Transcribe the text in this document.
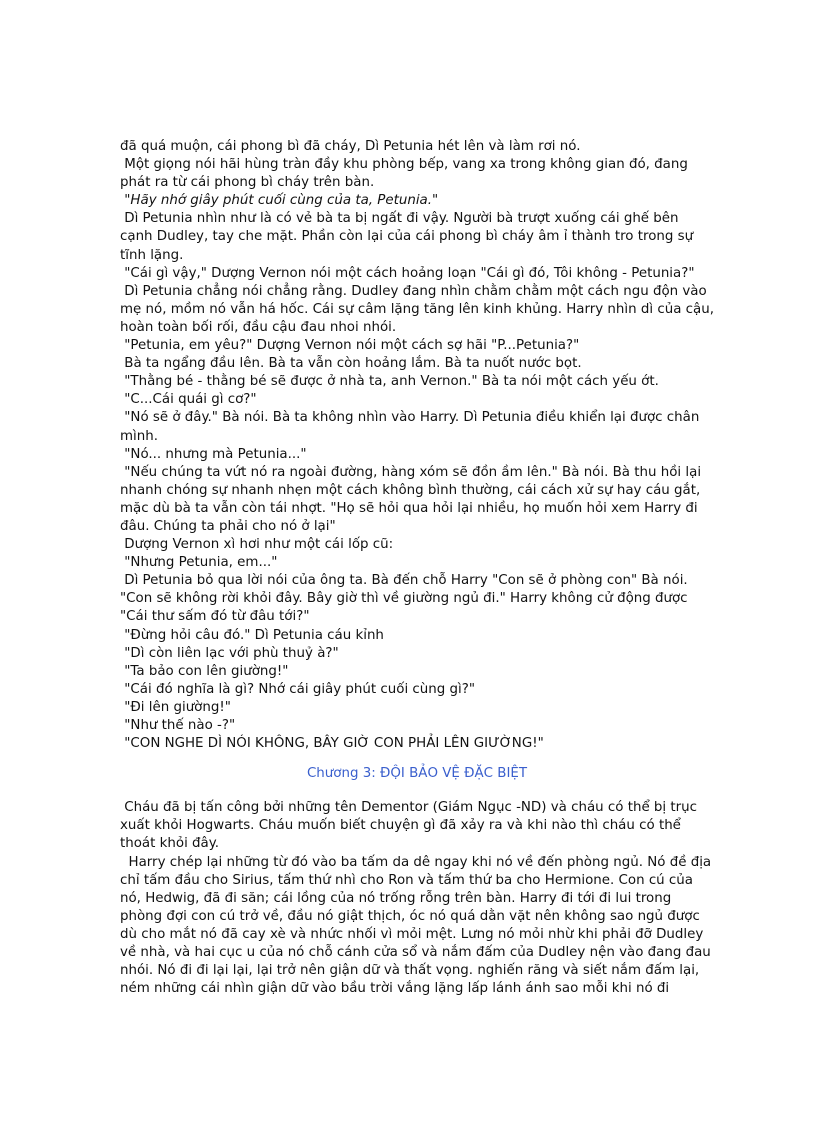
đã quá muộn, cái phong bì đã cháy, Dì Petunia hét lên và làm rơi nó.

Một giọng nói hãi hùng tràn đầy khu phòng bếp, vang xa trong không gian đó, đang phát ra từ cái phong bì cháy trên bàn.

"Hãy nhớ giây phút cuối cùng của ta, Petunia."

Dì Petunia nhìn như là có vẻ bà ta bị ngất đi vậy. Người bà trượt xuống cái ghế bên cạnh Dudley, tay che mặt. Phần còn lại của cái phong bì cháy âm ỉ thành tro trong sự tĩnh lặng.

"Cái gì vậy," Dượng Vernon nói một cách hoảng loạn "Cái gì đó, Tôi không - Petunia?"

Dì Petunia chẳng nói chẳng rằng. Dudley đang nhìn chằm chằm một cách ngu độn vào mẹ nó, mồm nó vẫn há hốc. Cái sự câm lặng tăng lên kinh khủng. Harry nhìn dì của cậu, hoàn toàn bối rối, đầu cậu đau nhoi nhói.

"Petunia, em yêu?" Dượng Vernon nói một cách sợ hãi "P...Petunia?"

Bà ta ngẩng đầu lên. Bà ta vẫn còn hoảng lắm. Bà ta nuốt nước bọt.

"Thằng bé - thằng bé sẽ được ở nhà ta, anh Vernon." Bà ta nói một cách yếu ớt.

"C...Cái quái gì cơ?"

"Nó sẽ ở đây." Bà nói. Bà ta không nhìn vào Harry. Dì Petunia điều khiển lại được chân mình.

"Nó... nhưng mà Petunia..."

"Nếu chúng ta vứt nó ra ngoài đường, hàng xóm sẽ đồn ầm lên." Bà nói. Bà thu hồi lại nhanh chóng sự nhanh nhẹn một cách không bình thường, cái cách xử sự hay cáu gắt, mặc dù bà ta vẫn còn tái nhợt. "Họ sẽ hỏi qua hỏi lại nhiều, họ muốn hỏi xem Harry đi đâu. Chúng ta phải cho nó ở lại"

Dượng Vernon xì hơi như một cái lốp cũ:

"Nhưng Petunia, em..."

Dì Petunia bỏ qua lời nói của ông ta. Bà đến chỗ Harry "Con sẽ ở phòng con" Bà nói. "Con sẽ không rời khỏi đây. Bây giờ thì về giường ngủ đi." Harry không cử động được "Cái thư sấm đó từ đâu tới?"

"Đừng hỏi câu đó." Dì Petunia cáu kỉnh

"Dì còn liên lạc với phù thuỷ à?"

"Ta bảo con lên giường!"

"Cái đó nghĩa là gì? Nhớ cái giây phút cuối cùng gì?"

"Đi lên giường!"

"Như thế nào -?"

"CON NGHE DÌ NÓI KHÔNG, BÂY GIỜ CON PHẢI LÊN GIƯỜNG!"

Chương 3: ĐỘI BẢO VỆ ĐẶC BIỆT

Cháu đã bị tấn công bởi những tên Dementor (Giám Ngục -ND) và cháu có thể bị trục xuất khỏi Hogwarts. Cháu muốn biết chuyện gì đã xảy ra và khi nào thì cháu có thể thoát khỏi đây.

Harry chép lại những từ đó vào ba tấm da dê ngay khi nó về đến phòng ngủ. Nó đề địa chỉ tấm đầu cho Sirius, tấm thứ nhì cho Ron và tấm thứ ba cho Hermione. Con cú của nó, Hedwig, đã đi săn; cái lồng của nó trống rỗng trên bàn. Harry đi tới đi lui trong phòng đợi con cú trở về, đầu nó giật thịch, óc nó quá dằn vặt nên không sao ngủ được dù cho mắt nó đã cay xè và nhức nhối vì mỏi mệt. Lưng nó mỏi nhừ khi phải đỡ Dudley về nhà, và hai cục u của nó chỗ cánh cửa sổ và nắm đấm của Dudley nện vào đang đau nhói. Nó đi đi lại lại, lại trở nên giận dữ và thất vọng. nghiến răng và siết nắm đấm lại, ném những cái nhìn giận dữ vào bầu trời vắng lặng lấp lánh ánh sao mỗi khi nó đi
